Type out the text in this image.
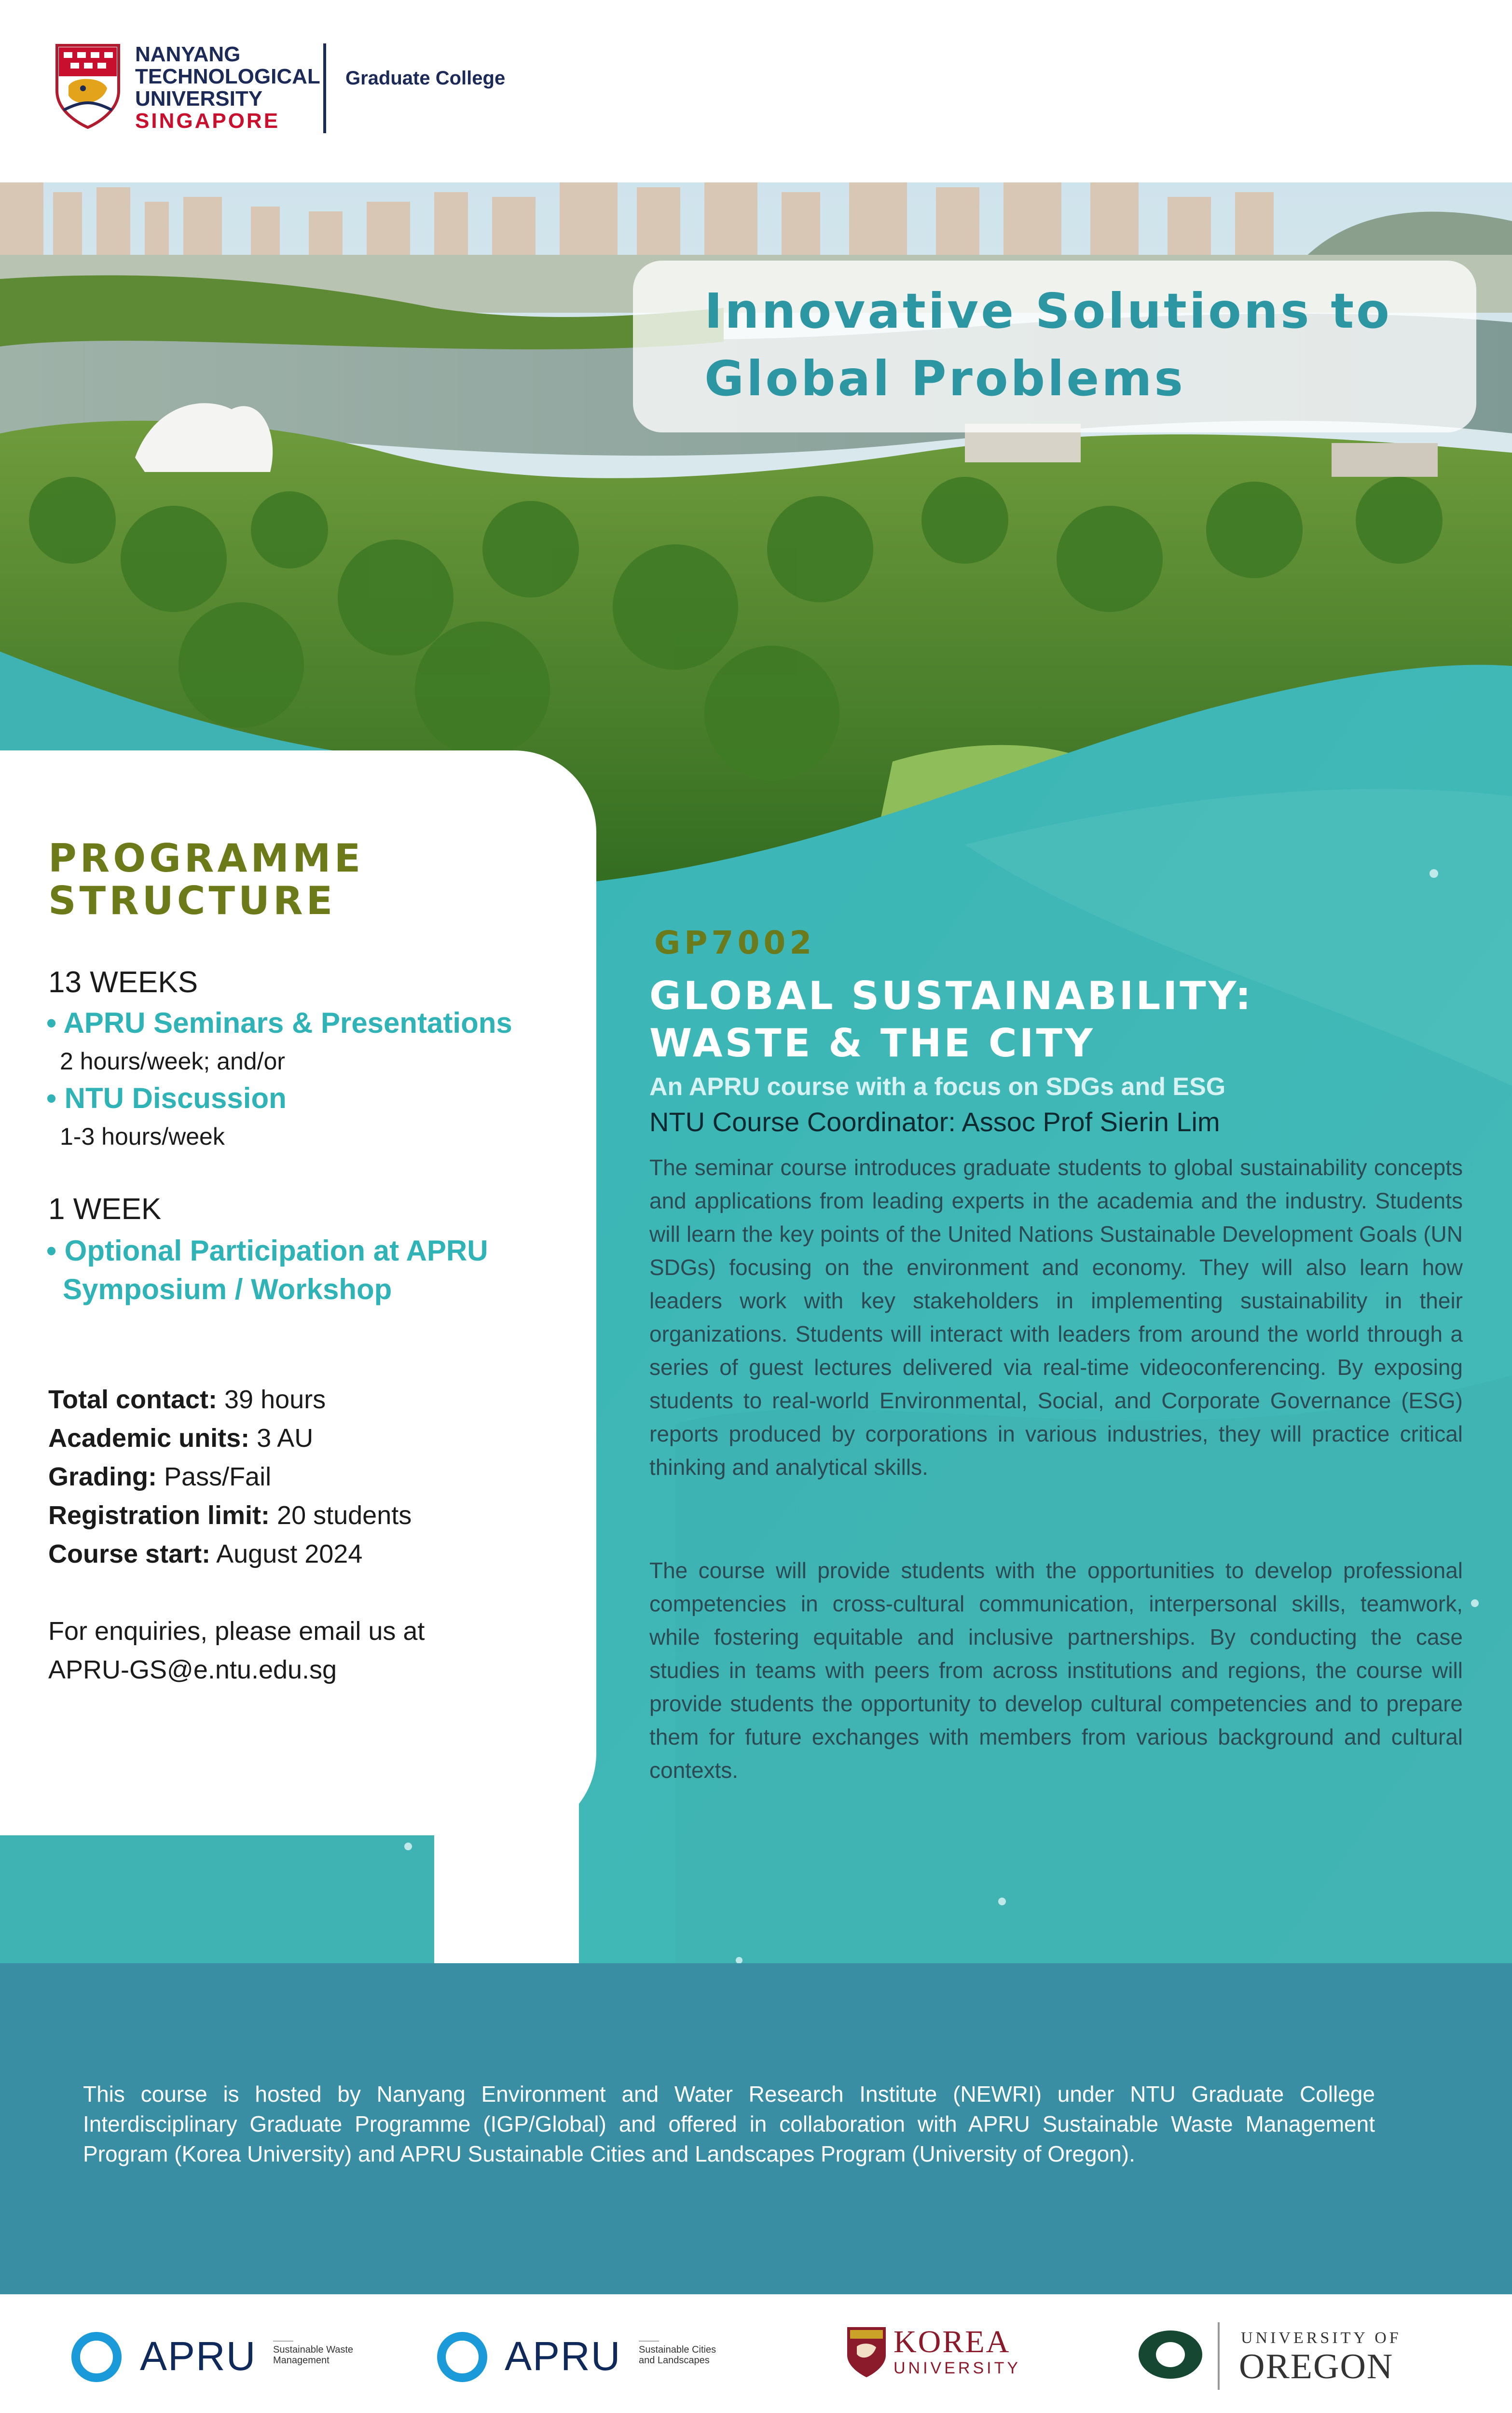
NANYANG
TECHNOLOGICAL
UNIVERSITY
SINGAPORE
Graduate College
Innovative Solutions to
Global Problems
PROGRAMME
STRUCTURE
13 WEEKS
• APRU Seminars & Presentations
2 hours/week; and/or
• NTU Discussion
1-3 hours/week
1 WEEK
• Optional Participation at APRU
Symposium / Workshop
Total contact: 39 hours
Academic units: 3 AU
Grading: Pass/Fail
Registration limit: 20 students
Course start: August 2024
For enquiries, please email us at
APRU-GS@e.ntu.edu.sg
GP7002
GLOBAL SUSTAINABILITY:
WASTE & THE CITY
An APRU course with a focus on SDGs and ESG
NTU Course Coordinator: Assoc Prof Sierin Lim
The seminar course introduces graduate students to global sustainability concepts and applications from leading experts in the academia and the industry. Students will learn the key points of the United Nations Sustainable Development Goals (UN SDGs) focusing on the environment and economy. They will also learn how leaders work with key stakeholders in implementing sustainability in their organizations. Students will interact with leaders from around the world through a series of guest lectures delivered via real-time videoconferencing. By exposing students to real-world Environmental, Social, and Corporate Governance (ESG) reports produced by corporations in various industries, they will practice critical thinking and analytical skills.
The course will provide students with the opportunities to develop professional competencies in cross-cultural communication, interpersonal skills, teamwork, while fostering equitable and inclusive partnerships. By conducting the case studies in teams with peers from across institutions and regions, the course will provide students the opportunity to develop cultural competencies and to prepare them for future exchanges with members from various background and cultural contexts.
This course is hosted by Nanyang Environment and Water Research Institute (NEWRI) under NTU Graduate College Interdisciplinary Graduate Programme (IGP/Global) and offered in collaboration with APRU Sustainable Waste Management Program (Korea University) and APRU Sustainable Cities and Landscapes Program (University of Oregon).
APRU Sustainable Waste
Management	APRU Sustainable Cities
and Landscapes
KOREA
UNIVERSITY
UNIVERSITY OF
OREGON
